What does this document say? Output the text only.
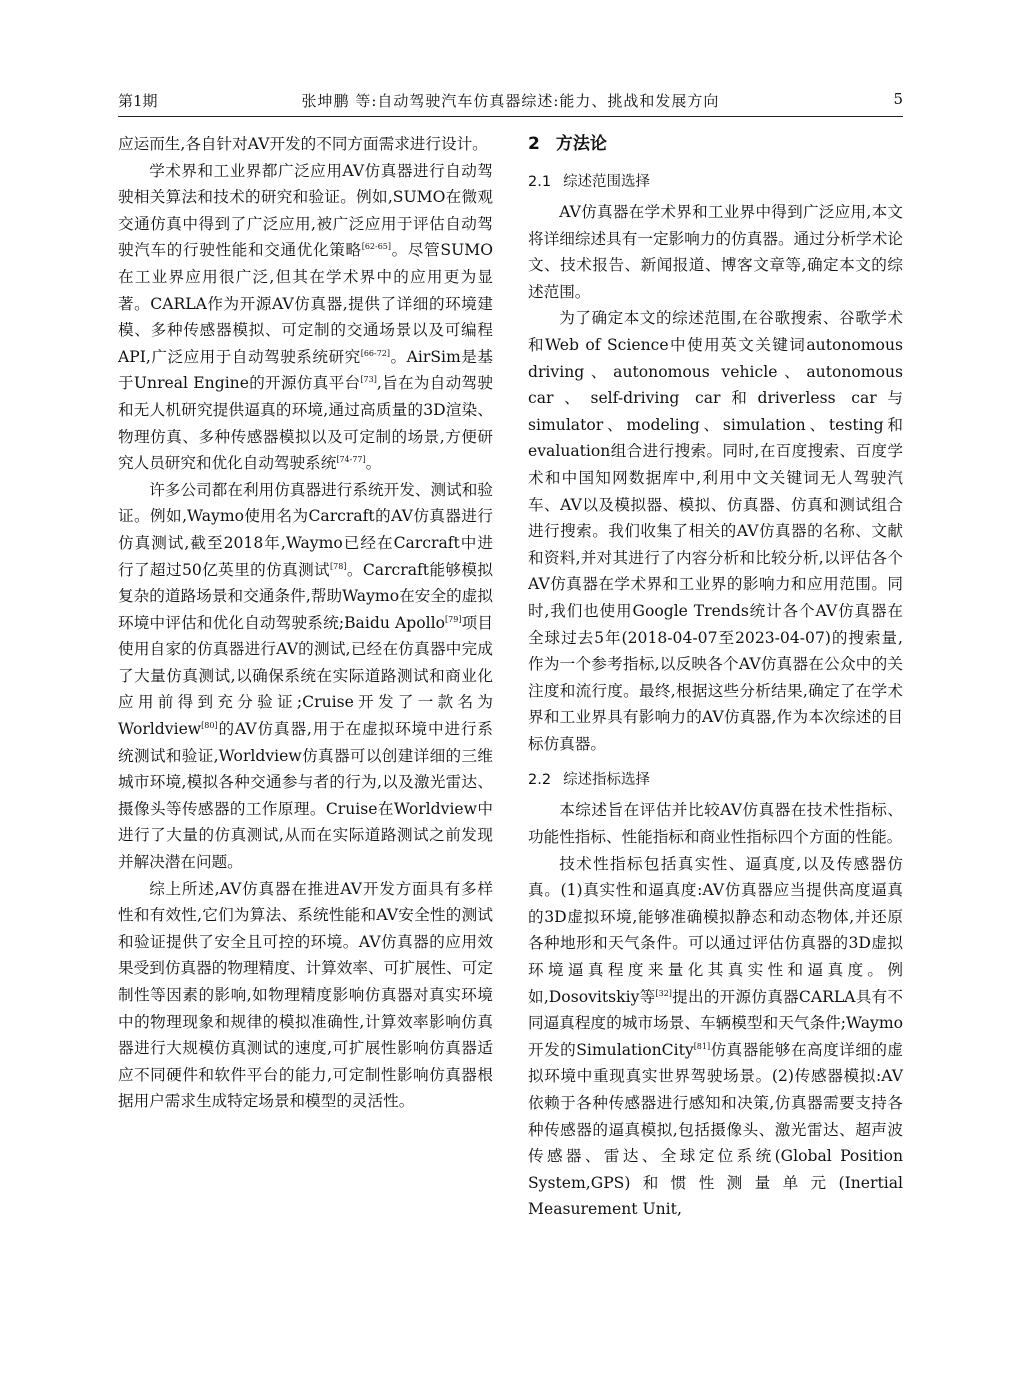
第1期	张坤鹏 等:自动驾驶汽车仿真器综述:能力、挑战和发展方向	5

应运而生,各自针对AV开发的不同方面需求进行设计。

学术界和工业界都广泛应用AV仿真器进行自动驾驶相关算法和技术的研究和验证。例如,SUMO在微观交通仿真中得到了广泛应用,被广泛应用于评估自动驾驶汽车的行驶性能和交通优化策略[62-65]。尽管SUMO在工业界应用很广泛,但其在学术界中的应用更为显著。CARLA作为开源AV仿真器,提供了详细的环境建模、多种传感器模拟、可定制的交通场景以及可编程API,广泛应用于自动驾驶系统研究[66-72]。AirSim是基于Unreal Engine的开源仿真平台[73],旨在为自动驾驶和无人机研究提供逼真的环境,通过高质量的3D渲染、物理仿真、多种传感器模拟以及可定制的场景,方便研究人员研究和优化自动驾驶系统[74-77]。

许多公司都在利用仿真器进行系统开发、测试和验证。例如,Waymo使用名为Carcraft的AV仿真器进行仿真测试,截至2018年,Waymo已经在Carcraft中进行了超过50亿英里的仿真测试[78]。Carcraft能够模拟复杂的道路场景和交通条件,帮助Waymo在安全的虚拟环境中评估和优化自动驾驶系统;Baidu Apollo[79]项目使用自家的仿真器进行AV的测试,已经在仿真器中完成了大量仿真测试,以确保系统在实际道路测试和商业化应用前得到充分验证;Cruise开发了一款名为Worldview[80]的AV仿真器,用于在虚拟环境中进行系统测试和验证,Worldview仿真器可以创建详细的三维城市环境,模拟各种交通参与者的行为,以及激光雷达、摄像头等传感器的工作原理。Cruise在Worldview中进行了大量的仿真测试,从而在实际道路测试之前发现并解决潜在问题。

综上所述,AV仿真器在推进AV开发方面具有多样性和有效性,它们为算法、系统性能和AV安全性的测试和验证提供了安全且可控的环境。AV仿真器的应用效果受到仿真器的物理精度、计算效率、可扩展性、可定制性等因素的影响,如物理精度影响仿真器对真实环境中的物理现象和规律的模拟准确性,计算效率影响仿真器进行大规模仿真测试的速度,可扩展性影响仿真器适应不同硬件和软件平台的能力,可定制性影响仿真器根据用户需求生成特定场景和模型的灵活性。

2 方法论
2.1 综述范围选择

AV仿真器在学术界和工业界中得到广泛应用,本文将详细综述具有一定影响力的仿真器。通过分析学术论文、技术报告、新闻报道、博客文章等,确定本文的综述范围。

为了确定本文的综述范围,在谷歌搜索、谷歌学术和Web of Science中使用英文关键词autonomous driving、autonomous vehicle、autonomous car、self-driving car和driverless car与simulator、modeling、simulation、testing和evaluation组合进行搜索。同时,在百度搜索、百度学术和中国知网数据库中,利用中文关键词无人驾驶汽车、AV以及模拟器、模拟、仿真器、仿真和测试组合进行搜索。我们收集了相关的AV仿真器的名称、文献和资料,并对其进行了内容分析和比较分析,以评估各个AV仿真器在学术界和工业界的影响力和应用范围。同时,我们也使用Google Trends统计各个AV仿真器在全球过去5年(2018-04-07至2023-04-07)的搜索量,作为一个参考指标,以反映各个AV仿真器在公众中的关注度和流行度。最终,根据这些分析结果,确定了在学术界和工业界具有影响力的AV仿真器,作为本次综述的目标仿真器。

2.2 综述指标选择

本综述旨在评估并比较AV仿真器在技术性指标、功能性指标、性能指标和商业性指标四个方面的性能。

技术性指标包括真实性、逼真度,以及传感器仿真。(1)真实性和逼真度:AV仿真器应当提供高度逼真的3D虚拟环境,能够准确模拟静态和动态物体,并还原各种地形和天气条件。可以通过评估仿真器的3D虚拟环境逼真程度来量化其真实性和逼真度。例如,Dosovitskiy等[32]提出的开源仿真器CARLA具有不同逼真程度的城市场景、车辆模型和天气条件;Waymo开发的SimulationCity[81]仿真器能够在高度详细的虚拟环境中重现真实世界驾驶场景。(2)传感器模拟:AV依赖于各种传感器进行感知和决策,仿真器需要支持各种传感器的逼真模拟,包括摄像头、激光雷达、超声波传感器、雷达、全球定位系统(Global Position System,GPS)和惯性测量单元(Inertial Measurement Unit,
